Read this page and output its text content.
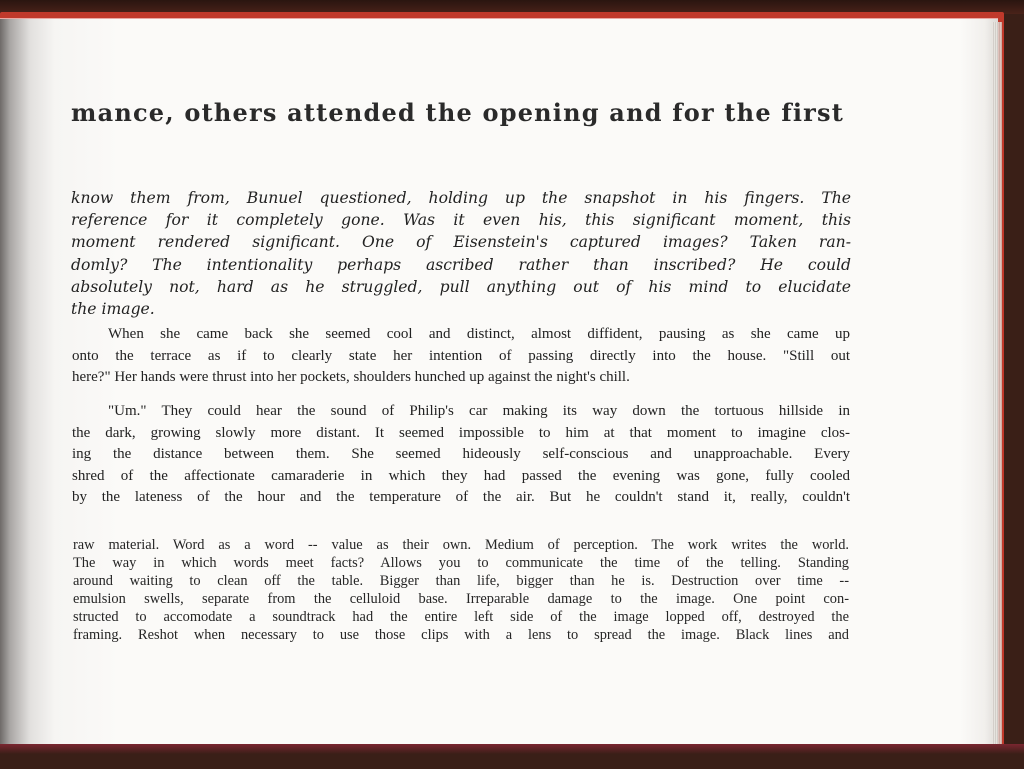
mance, others attended the opening and for the first
know them from, Bunuel questioned, holding up the snapshot in his fingers. The
reference for it completely gone. Was it even his, this significant moment, this
moment rendered significant. One of Eisenstein's captured images? Taken ran-
domly? The intentionality perhaps ascribed rather than inscribed? He could
absolutely not, hard as he struggled, pull anything out of his mind to elucidate
the image.
When she came back she seemed cool and distinct, almost diffident, pausing as she came up
onto the terrace as if to clearly state her intention of passing directly into the house. "Still out
here?" Her hands were thrust into her pockets, shoulders hunched up against the night's chill.
"Um." They could hear the sound of Philip's car making its way down the tortuous hillside in
the dark, growing slowly more distant. It seemed impossible to him at that moment to imagine clos-
ing the distance between them. She seemed hideously self-conscious and unapproachable. Every
shred of the affectionate camaraderie in which they had passed the evening was gone, fully cooled
by the lateness of the hour and the temperature of the air. But he couldn't stand it, really, couldn't
raw material. Word as a word -- value as their own. Medium of perception. The work writes the world.
The way in which words meet facts? Allows you to communicate the time of the telling. Standing
around waiting to clean off the table. Bigger than life, bigger than he is. Destruction over time --
emulsion swells, separate from the celluloid base. Irreparable damage to the image. One point con-
structed to accomodate a soundtrack had the entire left side of the image lopped off, destroyed the
framing. Reshot when necessary to use those clips with a lens to spread the image. Black lines and
